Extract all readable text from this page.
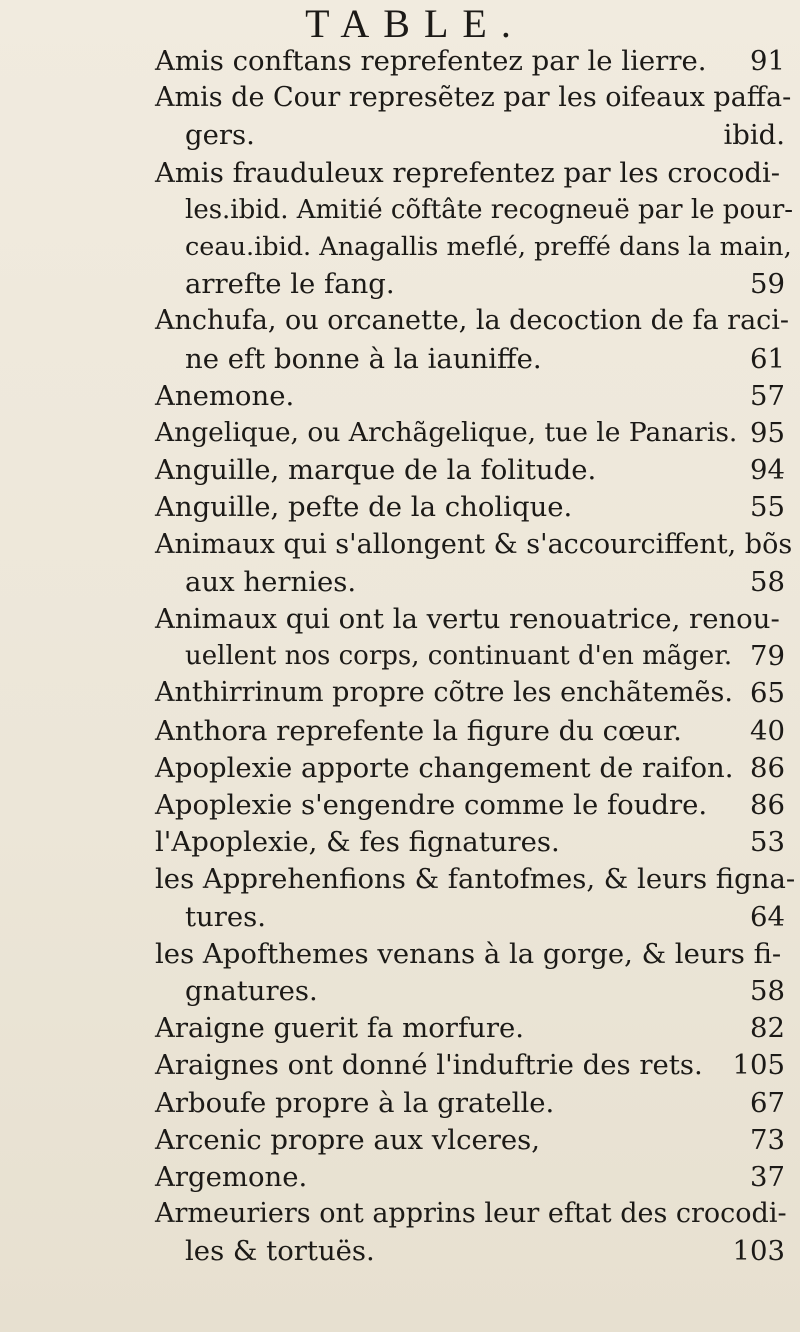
TABLE.
Amis conftans reprefentez par le lierre. 91
Amis de Cour represẽtez par les oifeaux paffa-
gers.	ibid.
Amis frauduleux reprefentez par les crocodi-
les.ibid. Amitié cõftâte recogneuë par le pour-
ceau.ibid. Anagallis meflé, preffé dans la main,
arrefte le fang.	59
Anchufa, ou orcanette, la decoction de fa raci-
ne eft bonne à la iauniffe.	61
Anemone.	57
Angelique, ou Archãgelique, tue le Panaris. 95
Anguille, marque de la folitude.	94
Anguille, pefte de la cholique.	55
Animaux qui s'allongent & s'accourciffent, bõs
aux hernies.	58
Animaux qui ont la vertu renouatrice, renou-
uellent nos corps, continuant d'en mãger. 79
Anthirrinum propre cõtre les enchãtemẽs. 65
Anthora reprefente la figure du cœur. 40
Apoplexie apporte changement de raifon. 86
Apoplexie s'engendre comme le foudre. 86
l'Apoplexie, & fes fignatures.	53
les Apprehenfions & fantofmes, & leurs figna-
tures.	64
les Apofthemes venans à la gorge, & leurs fi-
gnatures.	58
Araigne guerit fa morfure.	82
Araignes ont donné l'induftrie des rets. 105
Arboufe propre à la gratelle.	67
Arcenic propre aux vlceres,	73
Argemone.	37
Armeuriers ont apprins leur eftat des crocodi-
les & tortuës.	103
